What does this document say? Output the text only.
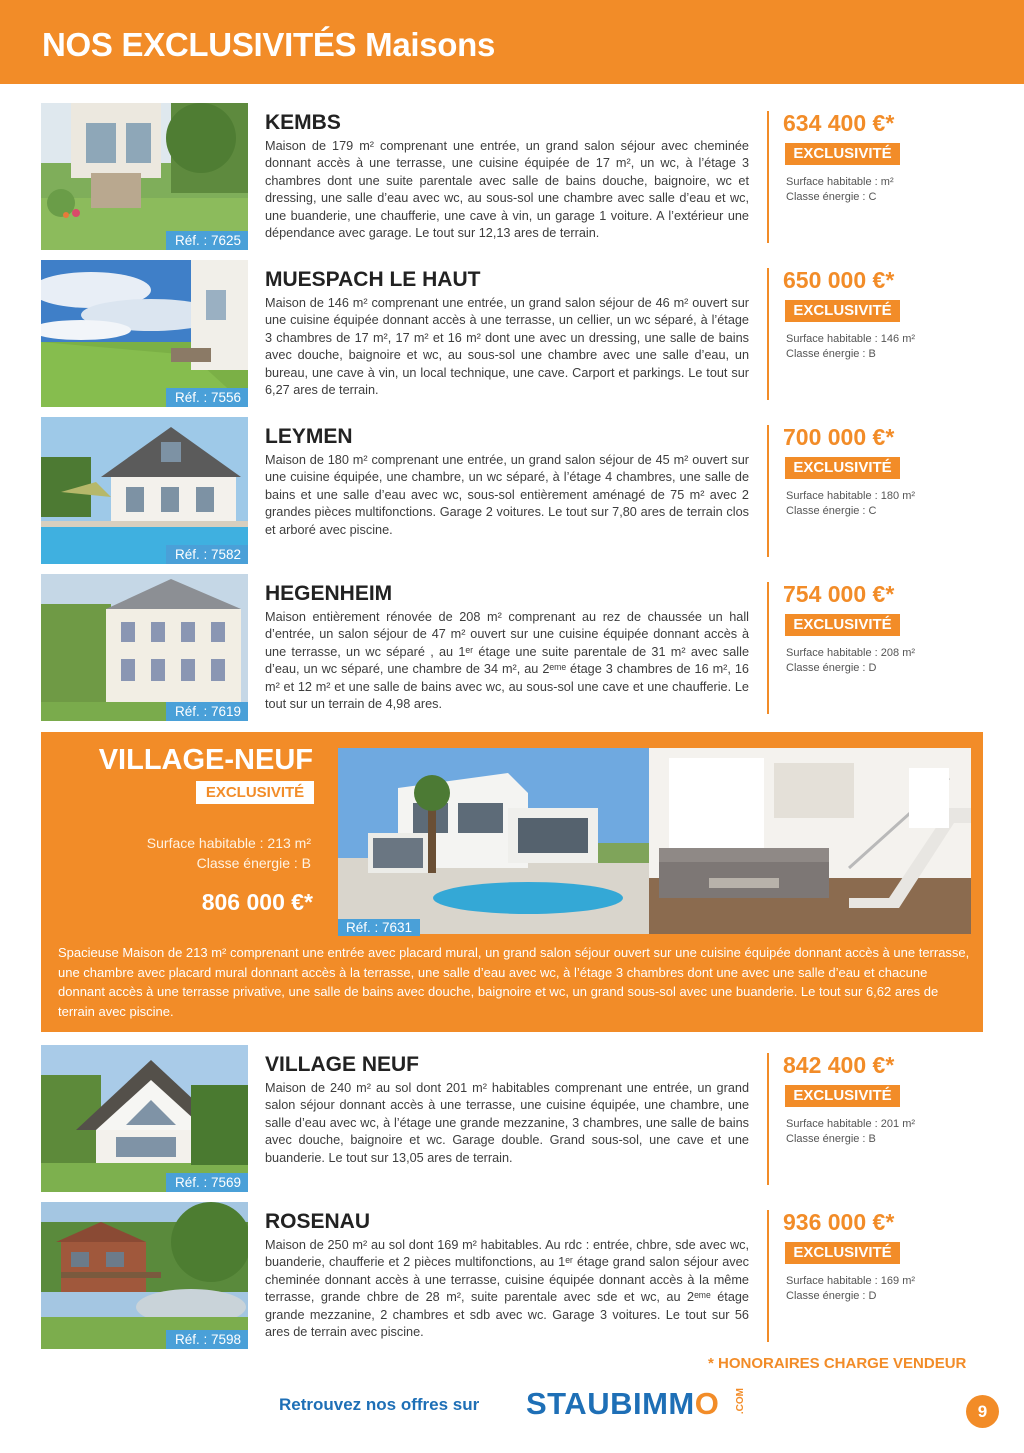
NOS EXCLUSIVITÉS Maisons
Réf. : 7625
KEMBS
Maison de 179 m² comprenant une entrée, un grand salon séjour avec cheminée donnant accès à une terrasse, une cuisine équipée de 17 m², un wc, à l’étage 3 chambres dont une suite parentale avec salle de bains douche, baignoire, wc et dressing, une salle d’eau avec wc, au sous-sol une chambre avec salle d’eau et wc, une buanderie, une chaufferie, une cave à vin, un garage 1 voiture. A l’extérieur une dépendance avec garage. Le tout sur 12,13 ares de terrain.
634 400 €*
EXCLUSIVITÉ
Surface habitable : m²
Classe énergie : C
Réf. : 7556
MUESPACH LE HAUT
Maison de 146 m² comprenant une entrée, un grand salon séjour de 46 m² ouvert sur une cuisine équipée donnant accès à une terrasse, un cellier, un wc séparé, à l’étage 3 chambres de 17 m², 17 m² et 16 m² dont une avec un dressing, une salle de bains avec douche, baignoire et wc, au sous-sol une chambre avec une salle d’eau, un bureau, une cave à vin, un local technique, une cave. Carport et parkings. Le tout sur 6,27 ares de terrain.
650 000 €*
EXCLUSIVITÉ
Surface habitable : 146 m²
Classe énergie : B
Réf. : 7582
LEYMEN
Maison de 180 m² comprenant une entrée, un grand salon séjour de 45 m² ouvert sur une cuisine équipée, une chambre, un wc séparé, à l’étage 4 chambres, une salle de bains et une salle d’eau avec wc, sous-sol entièrement aménagé de 75 m² avec 2 grandes pièces multifonctions. Garage 2 voitures. Le tout sur 7,80 ares de terrain clos et arboré avec piscine.
700 000 €*
EXCLUSIVITÉ
Surface habitable : 180 m²
Classe énergie : C
Réf. : 7619
HEGENHEIM
Maison entièrement rénovée de 208 m² comprenant au rez de chaussée un hall d’entrée, un salon séjour de 47 m² ouvert sur une cuisine équipée donnant accès à une terrasse, un wc séparé , au 1ᵉʳ étage une suite parentale de 31 m² avec salle d’eau, un wc séparé, une chambre de 34 m², au 2ᵉᵐᵉ étage 3 chambres de 16 m², 16 m² et 12 m² et une salle de bains avec wc, au sous-sol une cave et une chaufferie. Le tout sur un terrain de 4,98 ares.
754 000 €*
EXCLUSIVITÉ
Surface habitable : 208 m²
Classe énergie : D
VILLAGE-NEUF
EXCLUSIVITÉ
Surface habitable : 213 m²
Classe énergie : B
806 000 €*
Réf. : 7631
Spacieuse Maison de 213 m² comprenant une entrée avec placard mural, un grand salon séjour ouvert sur une cuisine équipée donnant accès à une terrasse, une chambre avec placard mural donnant accès à la terrasse, une salle d’eau avec wc, à l’étage 3 chambres dont une avec une salle d’eau et chacune donnant accès à une terrasse privative, une salle de bains avec douche, baignoire et wc, un grand sous-sol avec une buanderie. Le tout sur 6,62 ares de terrain avec piscine.
Réf. : 7569
VILLAGE NEUF
Maison de 240 m² au sol dont 201 m² habitables comprenant une entrée, un grand salon séjour donnant accès à une terrasse, une cuisine équipée, une chambre, une salle d’eau avec wc, à l’étage une grande mezzanine, 3 chambres, une salle de bains avec douche, baignoire et wc. Garage double. Grand sous-sol, une cave et une buanderie. Le tout sur 13,05 ares de terrain.
842 400 €*
EXCLUSIVITÉ
Surface habitable : 201 m²
Classe énergie : B
Réf. : 7598
ROSENAU
Maison de 250 m² au sol dont 169 m² habitables. Au rdc : entrée, chbre, sde avec wc, buanderie, chaufferie et 2 pièces multifonctions, au 1ᵉʳ étage grand salon séjour avec cheminée donnant accès à une terrasse, cuisine équipée donnant accès à la même terrasse, grande chbre de 28 m², suite parentale avec sde et wc, au 2ᵉᵐᵉ étage grande mezzanine, 2 chambres et sdb avec wc. Garage 3 voitures. Le tout sur 56 ares de terrain avec piscine.
936 000 €*
EXCLUSIVITÉ
Surface habitable : 169 m²
Classe énergie : D
* HONORAIRES CHARGE VENDEUR
Retrouvez nos offres sur STAUBIMMO .COM	9
